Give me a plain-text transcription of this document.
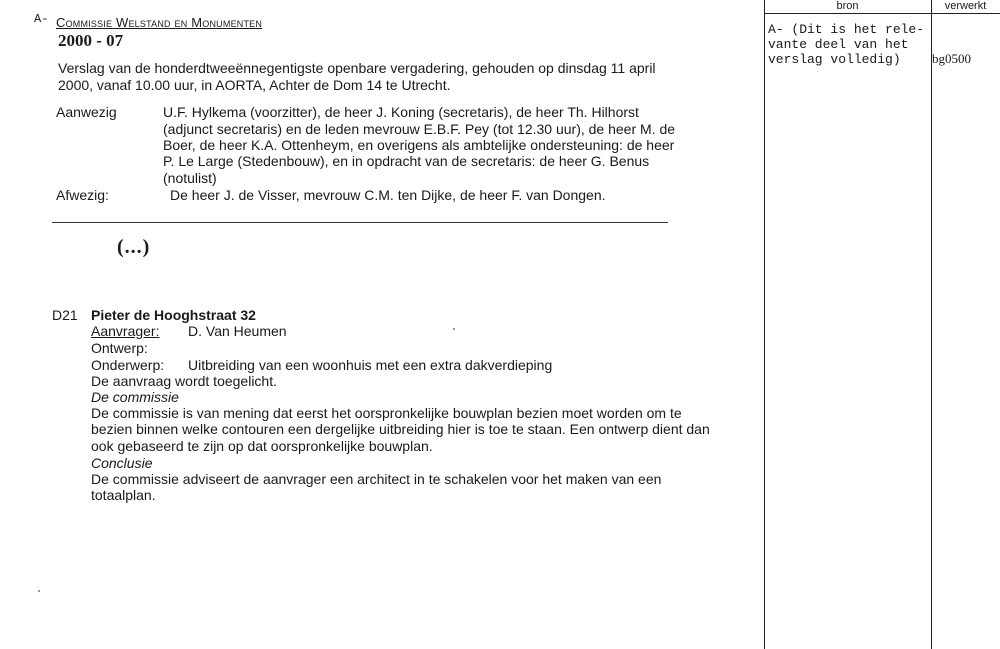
A- Commissie Welstand en Monumenten
2000 - 07
Verslag van de honderdtweeënnegentigste openbare vergadering, gehouden op dinsdag 11 april
2000, vanaf 10.00 uur, in AORTA, Achter de Dom 14 te Utrecht.
Aanwezig	U.F. Hylkema (voorzitter), de heer J. Koning (secretaris), de heer Th. Hilhorst
(adjunct secretaris) en de leden mevrouw E.B.F. Pey (tot 12.30 uur), de heer M. de
Boer, de heer K.A. Ottenheym, en overigens als ambtelijke ondersteuning: de heer
P. Le Large (Stedenbouw), en in opdracht van de secretaris: de heer G. Benus
(notulist)
Afwezig:	De heer J. de Visser, mevrouw C.M. ten Dijke, de heer F. van Dongen.
(...)
D21 Pieter de Hooghstraat 32
Aanvrager: D. Van Heumen
Ontwerp:
Onderwerp: Uitbreiding van een woonhuis met een extra dakverdieping
De aanvraag wordt toegelicht.
De commissie
De commissie is van mening dat eerst het oorspronkelijke bouwplan bezien moet worden om te
bezien binnen welke contouren een dergelijke uitbreiding hier is toe te staan. Een ontwerp dient dan
ook gebaseerd te zijn op dat oorspronkelijke bouwplan.
Conclusie
De commissie adviseert de aanvrager een architect in te schakelen voor het maken van een
totaalplan.
bron	verwerkt
A- (Dit is het rele-
vante deel van het
verslag volledig) bg0500
